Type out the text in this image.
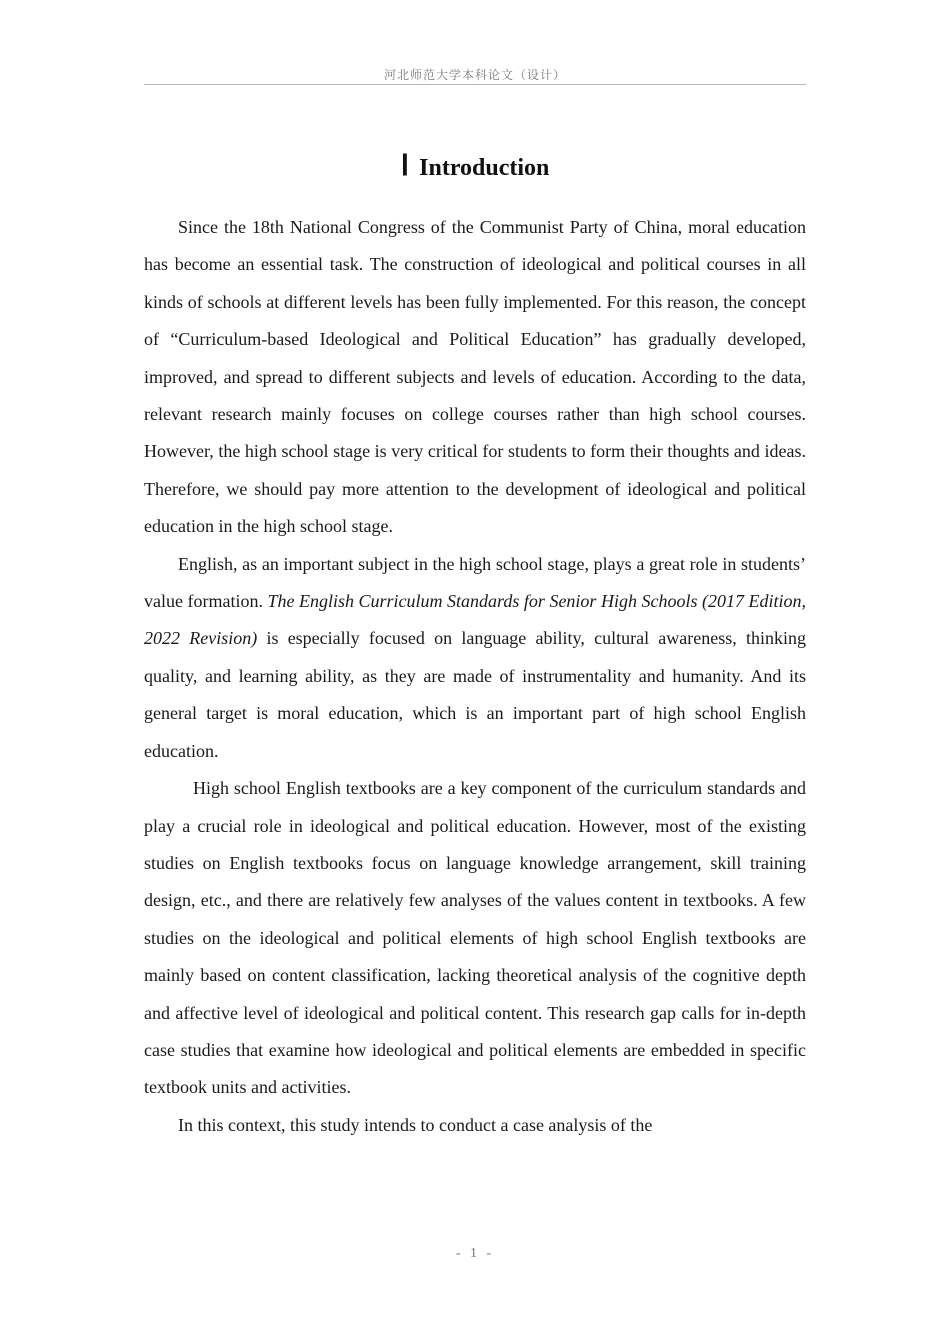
河北师范大学本科论文（设计）
Ⅰ Introduction

Since the 18th National Congress of the Communist Party of China, moral education has become an essential task. The construction of ideological and political courses in all kinds of schools at different levels has been fully implemented. For this reason, the concept of “Curriculum-based Ideological and Political Education” has gradually developed, improved, and spread to different subjects and levels of education. According to the data, relevant research mainly focuses on college courses rather than high school courses. However, the high school stage is very critical for students to form their thoughts and ideas. Therefore, we should pay more attention to the development of ideological and political education in the high school stage.

English, as an important subject in the high school stage, plays a great role in students’ value formation. The English Curriculum Standards for Senior High Schools (2017 Edition, 2022 Revision) is especially focused on language ability, cultural awareness, thinking quality, and learning ability, as they are made of instrumentality and humanity. And its general target is moral education, which is an important part of high school English education.

High school English textbooks are a key component of the curriculum standards and play a crucial role in ideological and political education. However, most of the existing studies on English textbooks focus on language knowledge arrangement, skill training design, etc., and there are relatively few analyses of the values content in textbooks. A few studies on the ideological and political elements of high school English textbooks are mainly based on content classification, lacking theoretical analysis of the cognitive depth and affective level of ideological and political content. This research gap calls for in-depth case studies that examine how ideological and political elements are embedded in specific textbook units and activities.

In this context, this study intends to conduct a case analysis of the

- 1 -
